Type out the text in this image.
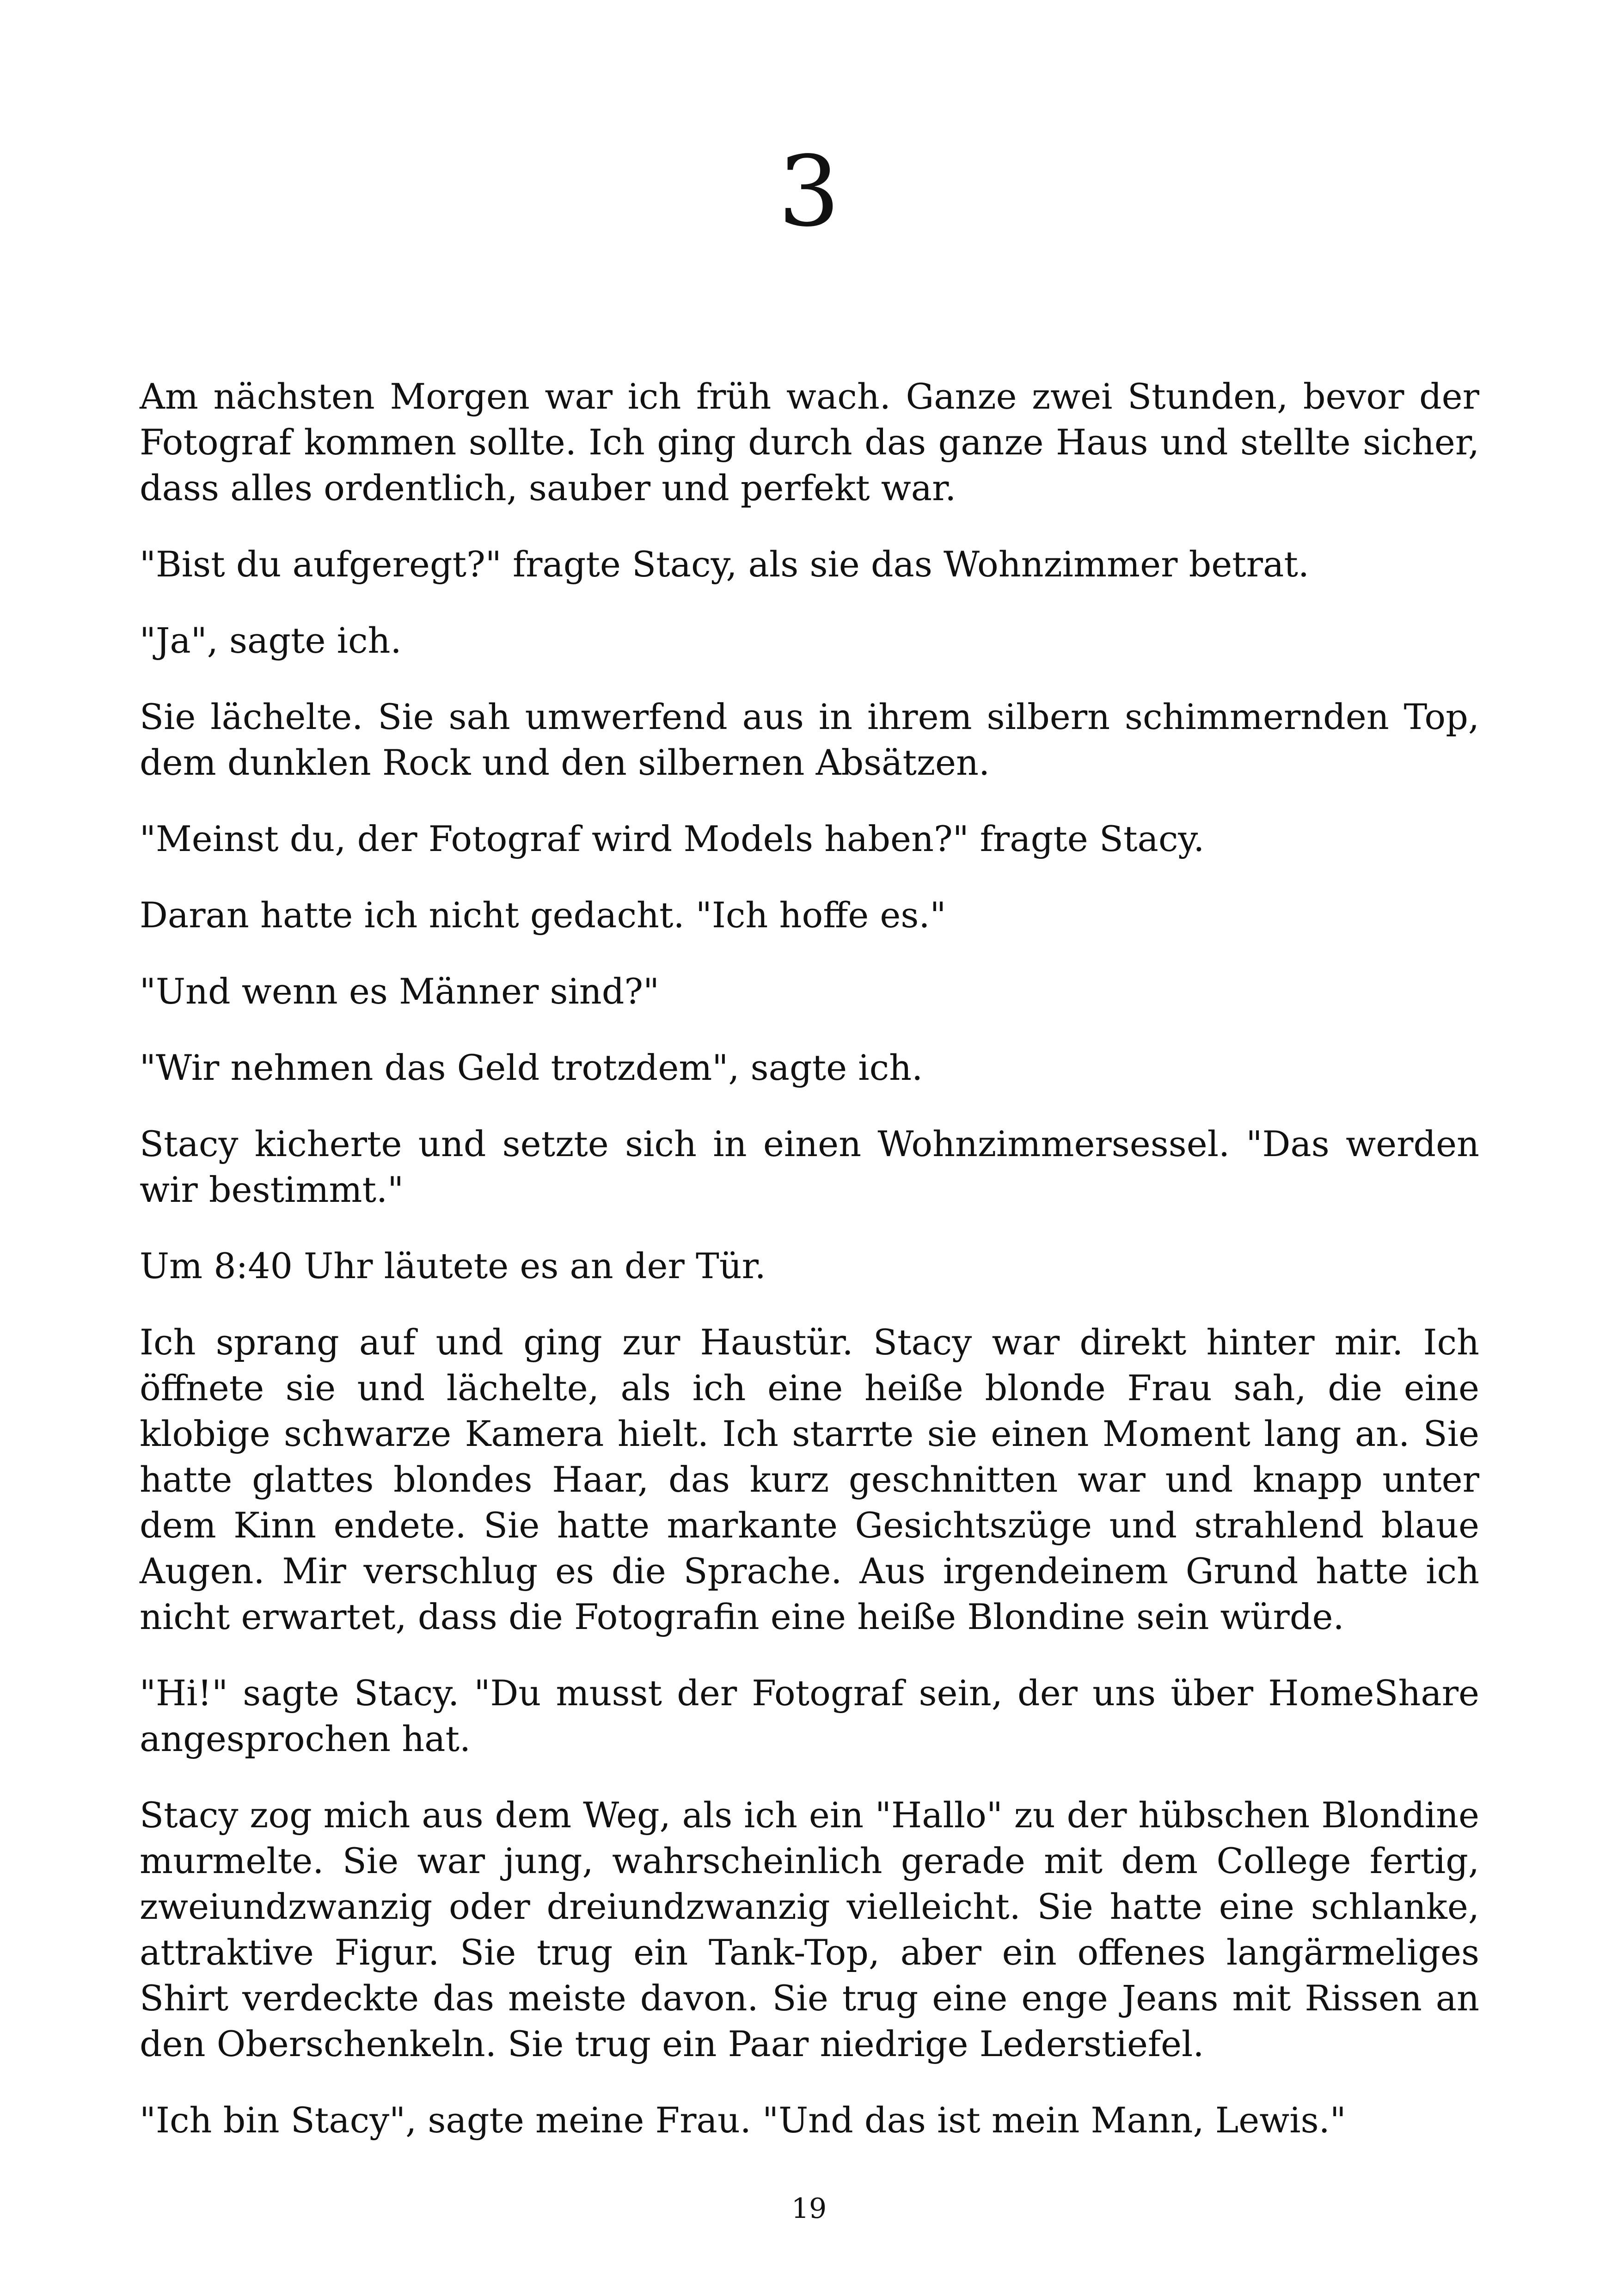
3

Am nächsten Morgen war ich früh wach. Ganze zwei Stunden, bevor der Fotograf kommen sollte. Ich ging durch das ganze Haus und stellte sicher, dass alles ordentlich, sauber und perfekt war.

"Bist du aufgeregt?" fragte Stacy, als sie das Wohnzimmer betrat.

"Ja", sagte ich.

Sie lächelte. Sie sah umwerfend aus in ihrem silbern schimmernden Top, dem dunklen Rock und den silbernen Absätzen.

"Meinst du, der Fotograf wird Models haben?" fragte Stacy.

Daran hatte ich nicht gedacht. "Ich hoffe es."

"Und wenn es Männer sind?"

"Wir nehmen das Geld trotzdem", sagte ich.

Stacy kicherte und setzte sich in einen Wohnzimmersessel. "Das werden wir bestimmt."

Um 8:40 Uhr läutete es an der Tür.

Ich sprang auf und ging zur Haustür. Stacy war direkt hinter mir. Ich öffnete sie und lächelte, als ich eine heiße blonde Frau sah, die eine klobige schwarze Kamera hielt. Ich starrte sie einen Moment lang an. Sie hatte glattes blondes Haar, das kurz geschnitten war und knapp unter dem Kinn endete. Sie hatte markante Gesichtszüge und strahlend blaue Augen. Mir verschlug es die Sprache. Aus irgendeinem Grund hatte ich nicht erwartet, dass die Fotografin eine heiße Blondine sein würde.

"Hi!" sagte Stacy. "Du musst der Fotograf sein, der uns über HomeShare angesprochen hat.

Stacy zog mich aus dem Weg, als ich ein "Hallo" zu der hübschen Blondine murmelte. Sie war jung, wahrscheinlich gerade mit dem College fertig, zweiundzwanzig oder dreiundzwanzig vielleicht. Sie hatte eine schlanke, attraktive Figur. Sie trug ein Tank-Top, aber ein offenes langärmeliges Shirt verdeckte das meiste davon. Sie trug eine enge Jeans mit Rissen an den Oberschenkeln. Sie trug ein Paar niedrige Lederstiefel.

"Ich bin Stacy", sagte meine Frau. "Und das ist mein Mann, Lewis."

19
